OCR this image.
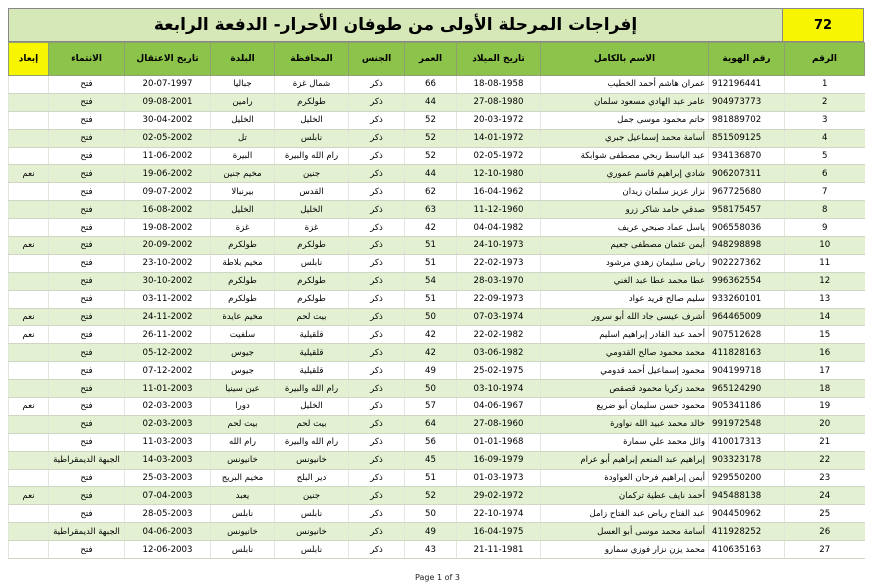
إفراجات المرحلة الأولى من طوفان الأحرار- الدفعة الرابعة	72
الرقم	رقم الهوية	الاسم بالكامل	تاريخ الميلاد	العمر	الجنس	المحافظة	البلدة	تاريخ الاعتقال	الانتماء	إبعاد
1	912196441	عمران هاشم أحمد الخطيب	18-08-1958	66	ذكر	شمال غزة	جباليا	20-07-1997	فتح	
2	904973773	عامر عبد الهادي مسعود سلمان	27-08-1980	44	ذكر	طولكرم	رامين	09-08-2001	فتح	
3	981889702	حاتم محمود موسى جمل	20-03-1972	52	ذكر	الخليل	الخليل	30-04-2002	فتح	
4	851509125	أسامة محمد إسماعيل جبري	14-01-1972	52	ذكر	نابلس	تل	02-05-2002	فتح	
5	934136870	عبد الباسط ربحي مصطفى شوابكة	02-05-1972	52	ذكر	رام الله والبيرة	البيرة	11-06-2002	فتح	
6	906207311	شادي إبراهيم قاسم عموري	12-10-1980	44	ذكر	جنين	مخيم جنين	19-06-2002	فتح	نعم
7	967725680	نزار عزيز سلمان زيدان	16-04-1962	62	ذكر	القدس	بيرنبالا	09-07-2002	فتح	
8	958175457	صدقي حامد شاكر زرو	11-12-1960	63	ذكر	الخليل	الخليل	16-08-2002	فتح	
9	906558036	ياسل عماد صبحي عريف	04-04-1982	42	ذكر	غزة	غزة	19-08-2002	فتح	
10	948298898	أيمن عثمان مصطفى جعيم	24-10-1973	51	ذكر	طولكرم	طولكرم	20-09-2002	فتح	نعم
11	902227362	رياض سليمان زهدي مرشود	22-02-1973	51	ذكر	نابلس	مخيم بلاطة	23-10-2002	فتح	
12	996362554	عطا محمد عطا عبد الغني	28-03-1970	54	ذكر	طولكرم	طولكرم	30-10-2002	فتح	
13	933260101	سليم صالح فريد عواد	22-09-1973	51	ذكر	طولكرم	طولكرم	03-11-2002	فتح	
14	964465009	أشرف عيسى جاد الله أبو سرور	07-03-1974	50	ذكر	بيت لحم	مخيم عايدة	24-11-2002	فتح	نعم
15	907512628	أحمد عبد القادر إبراهيم اسليم	22-02-1982	42	ذكر	قلقيلية	سلفيت	26-11-2002	فتح	نعم
16	411828163	محمد محمود صالح القدومي	03-06-1982	42	ذكر	قلقيلية	جيوس	05-12-2002	فتح	
17	904199718	محمود إسماعيل أحمد قدومي	25-02-1975	49	ذكر	قلقيلية	جيوس	07-12-2002	فتح	
18	965124290	محمد زكريا محمود قصقص	03-10-1974	50	ذكر	رام الله والبيرة	عين سينيا	11-01-2003	فتح	
19	905341186	محمود حسن سليمان أبو ضريع	04-06-1967	57	ذكر	الخليل	دورا	02-03-2003	فتح	نعم
20	991972548	خالد محمد عبيد الله نواورة	27-08-1960	64	ذكر	بيت لحم	بيت لحم	02-03-2003	فتح	
21	410017313	وائل محمد علي سمارة	01-01-1968	56	ذكر	رام الله والبيرة	رام الله	11-03-2003	فتح	
22	903323178	إبراهيم عبد المنعم إبراهيم أبو عرام	16-09-1979	45	ذكر	خانيونس	خانيونس	14-03-2003	الجبهة الديمقراطية	
23	929550200	أيمن إبراهيم فرحان العواودة	01-03-1973	51	ذكر	دير البلح	مخيم البريج	25-03-2003	فتح	
24	945488138	أحمد نايف عطية تركمان	29-02-1972	52	ذكر	جنين	يعبد	07-04-2003	فتح	نعم
25	904450962	عبد الفتاح رياض عبد الفتاح زامل	22-10-1974	50	ذكر	نابلس	نابلس	28-05-2003	فتح	
26	411928252	أسامة محمد موسى أبو العسل	16-04-1975	49	ذكر	خانيونس	خانيونس	04-06-2003	الجبهة الديمقراطية	
27	410635163	محمد يزن نزار فوزي سمارو	21-11-1981	43	ذكر	نابلس	نابلس	12-06-2003	فتح	
Page 1 of 3
